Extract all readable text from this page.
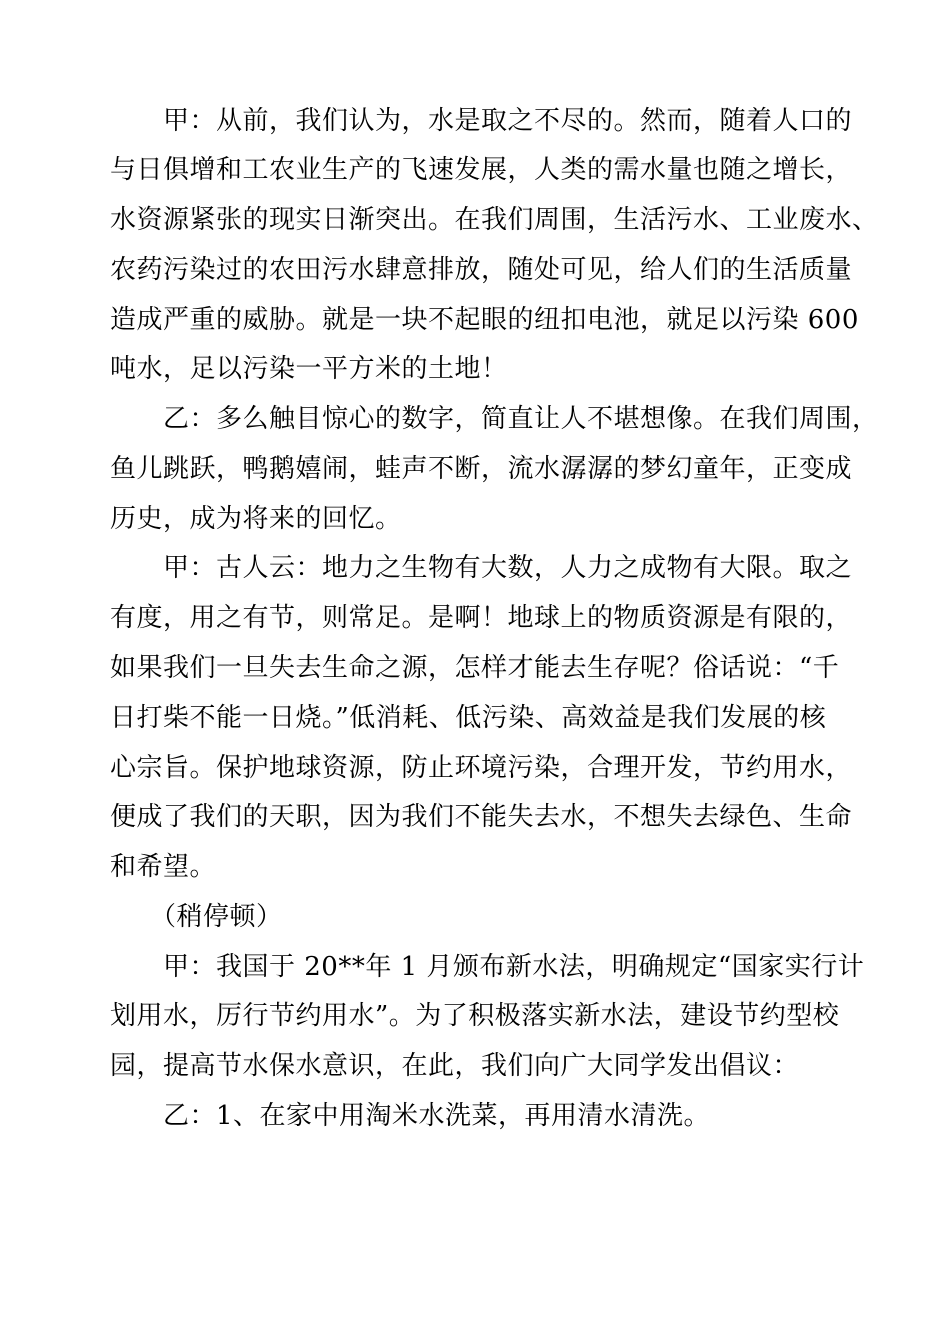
甲：从前，我们认为，水是取之不尽的。然而，随着人口的
与日俱增和工农业生产的飞速发展，人类的需水量也随之增长，
水资源紧张的现实日渐突出。在我们周围，生活污水、工业废水、
农药污染过的农田污水肆意排放，随处可见，给人们的生活质量
造成严重的威胁。就是一块不起眼的纽扣电池，就足以污染 600
吨水，足以污染一平方米的土地！
乙：多么触目惊心的数字，简直让人不堪想像。在我们周围，
鱼儿跳跃，鸭鹅嬉闹，蛙声不断，流水潺潺的梦幻童年，正变成
历史，成为将来的回忆。
甲：古人云：地力之生物有大数，人力之成物有大限。取之
有度，用之有节，则常足。是啊！地球上的物质资源是有限的，
如果我们一旦失去生命之源，怎样才能去生存呢？俗话说：“千
日打柴不能一日烧。”低消耗、低污染、高效益是我们发展的核
心宗旨。保护地球资源，防止环境污染，合理开发，节约用水，
便成了我们的天职，因为我们不能失去水，不想失去绿色、生命
和希望。
（稍停顿）
甲：我国于 20**年 1 月颁布新水法，明确规定“国家实行计
划用水，厉行节约用水”。为了积极落实新水法，建设节约型校
园，提高节水保水意识，在此，我们向广大同学发出倡议：
乙：1、在家中用淘米水洗菜，再用清水清洗。
